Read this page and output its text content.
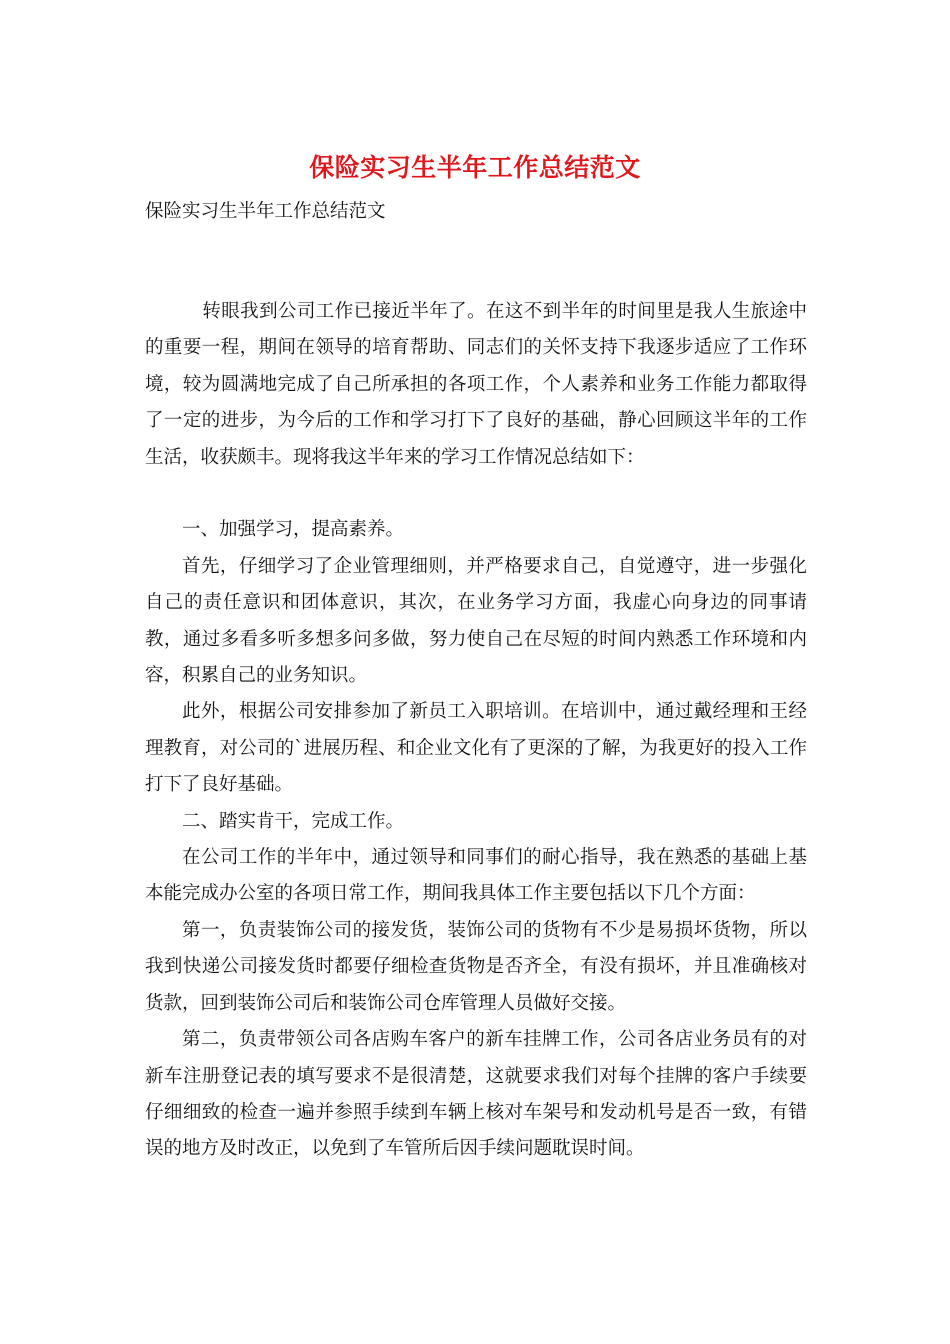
保险实习生半年工作总结范文
保险实习生半年工作总结范文

转眼我到公司工作已接近半年了。在这不到半年的时间里是我人生旅途中的重要一程，期间在领导的培育帮助、同志们的关怀支持下我逐步适应了工作环境，较为圆满地完成了自己所承担的各项工作，个人素养和业务工作能力都取得了一定的进步，为今后的工作和学习打下了良好的基础，静心回顾这半年的工作生活，收获颇丰。现将我这半年来的学习工作情况总结如下：

一、加强学习，提高素养。

首先，仔细学习了企业管理细则，并严格要求自己，自觉遵守，进一步强化自己的责任意识和团体意识，其次，在业务学习方面，我虚心向身边的同事请教，通过多看多听多想多问多做，努力使自己在尽短的时间内熟悉工作环境和内容，积累自己的业务知识。

此外，根据公司安排参加了新员工入职培训。在培训中，通过戴经理和王经理教育，对公司的`进展历程、和企业文化有了更深的了解，为我更好的投入工作打下了良好基础。

二、踏实肯干，完成工作。

在公司工作的半年中，通过领导和同事们的耐心指导，我在熟悉的基础上基本能完成办公室的各项日常工作，期间我具体工作主要包括以下几个方面：

第一，负责装饰公司的接发货，装饰公司的货物有不少是易损坏货物，所以我到快递公司接发货时都要仔细检查货物是否齐全，有没有损坏，并且准确核对货款，回到装饰公司后和装饰公司仓库管理人员做好交接。

第二，负责带领公司各店购车客户的新车挂牌工作，公司各店业务员有的对新车注册登记表的填写要求不是很清楚，这就要求我们对每个挂牌的客户手续要仔细细致的检查一遍并参照手续到车辆上核对车架号和发动机号是否一致，有错误的地方及时改正，以免到了车管所后因手续问题耽误时间。
